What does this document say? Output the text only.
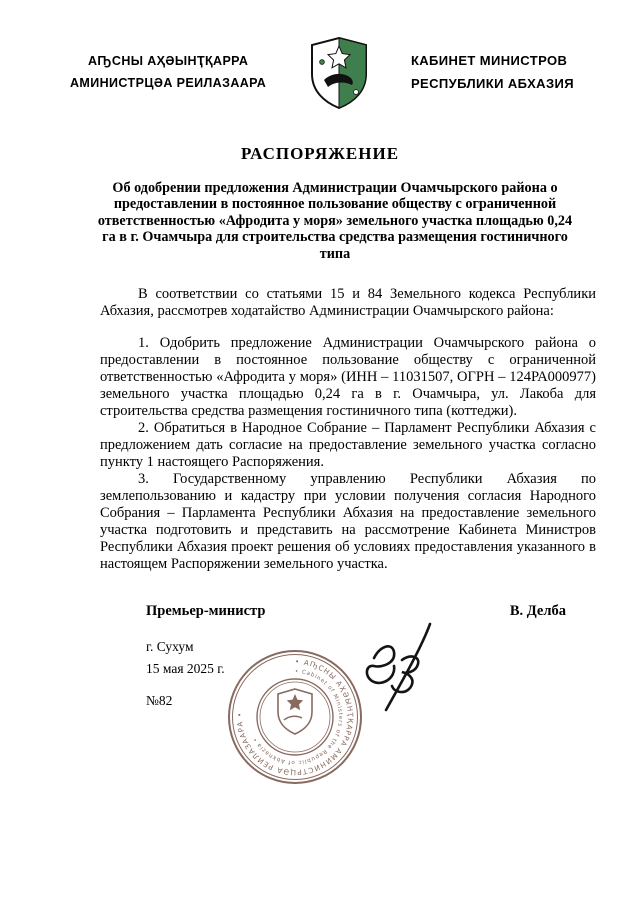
АҦСНЫ АҲӘЫНҬҚАРРА
АМИНИСТРЦӘА РЕИЛАЗААРА
КАБИНЕТ МИНИСТРОВ
РЕСПУБЛИКИ АБХАЗИЯ
РАСПОРЯЖЕНИЕ
Об одобрении предложения Администрации Очамчырского района о предоставлении в постоянное пользование обществу с ограниченной ответственностью «Афродита у моря» земельного участка площадью 0,24 га в г. Очамчыра для строительства средства размещения гостиничного типа

В соответствии со статьями 15 и 84 Земельного кодекса Республики Абхазия, рассмотрев ходатайство Администрации Очамчырского района:

1. Одобрить предложение Администрации Очамчырского района о предоставлении в постоянное пользование обществу с ограниченной ответственностью «Афродита у моря» (ИНН – 11031507, ОГРН – 124РА000977) земельного участка площадью 0,24 га в г. Очамчыра, ул. Лакоба для строительства средства размещения гостиничного типа (коттеджи).

2. Обратиться в Народное Собрание – Парламент Республики Абхазия с предложением дать согласие на предоставление земельного участка согласно пункту 1 настоящего Распоряжения.

3. Государственному управлению Республики Абхазия по землепользованию и кадастру при условии получения согласия Народного Собрания – Парламента Республики Абхазия на предоставление земельного участка подготовить и представить на рассмотрение Кабинета Министров Республики Абхазия проект решения об условиях предоставления указанного в настоящем Распоряжении земельного участка.

Премьер-министр	В. Делба
г. Сухум
15 мая 2025 г.
№82
• АҦСНЫ АҲӘЫНҬҚАРРА АМИНИСТРЦӘА РЕИЛАЗААРА •
• Cabinet of Ministers of the Republic of Abkhazia •
